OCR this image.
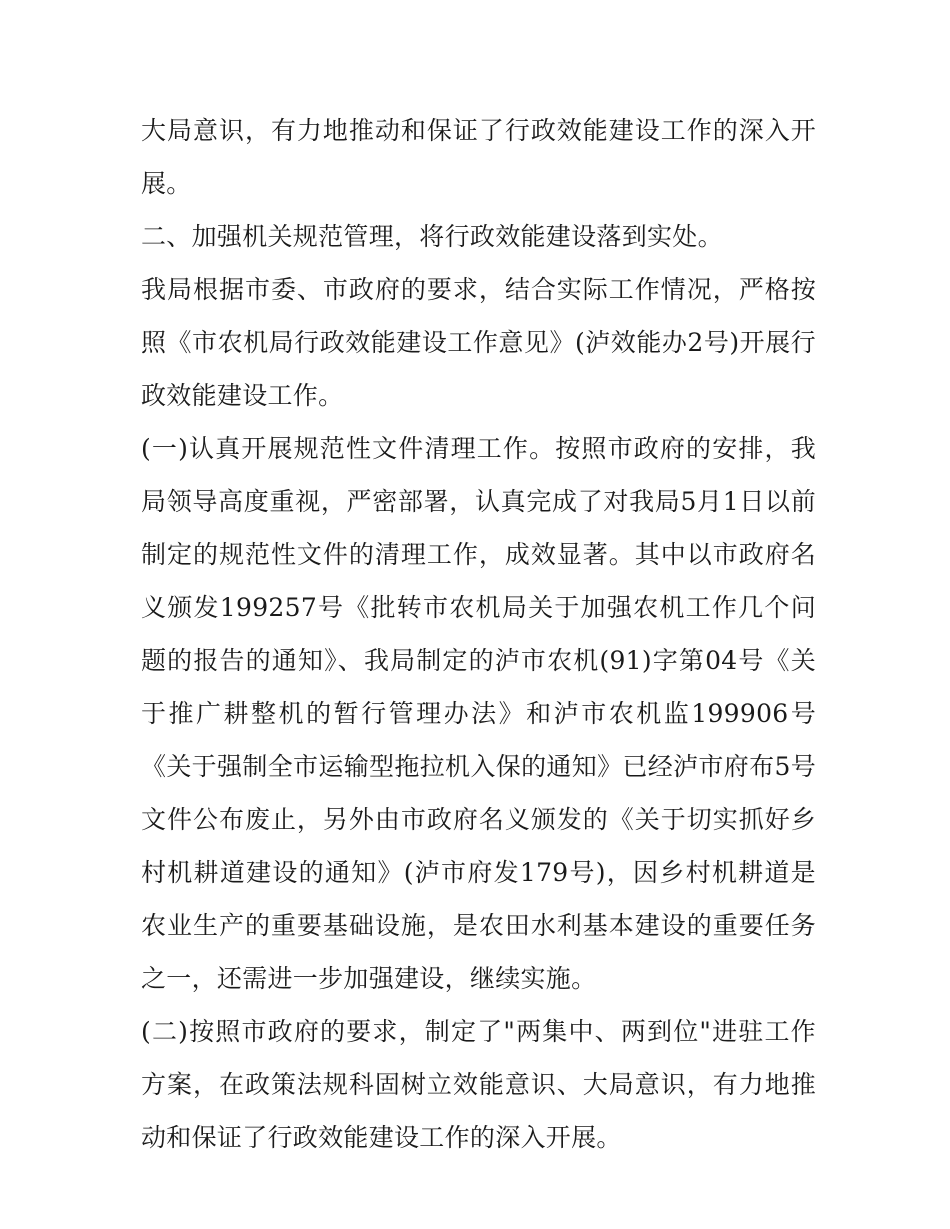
大局意识，有力地推动和保证了行政效能建设工作的深入开展。

二、加强机关规范管理，将行政效能建设落到实处。

我局根据市委、市政府的要求，结合实际工作情况，严格按照《市农机局行政效能建设工作意见》(泸效能办2号)开展行政效能建设工作。

(一)认真开展规范性文件清理工作。按照市政府的安排，我局领导高度重视，严密部署，认真完成了对我局5月1日以前制定的规范性文件的清理工作，成效显著。其中以市政府名义颁发199257号《批转市农机局关于加强农机工作几个问题的报告的通知》、我局制定的泸市农机(91)字第04号《关于推广耕整机的暂行管理办法》和泸市农机监199906号《关于强制全市运输型拖拉机入保的通知》已经泸市府布5号文件公布废止，另外由市政府名义颁发的《关于切实抓好乡村机耕道建设的通知》(泸市府发179号)，因乡村机耕道是农业生产的重要基础设施，是农田水利基本建设的重要任务之一，还需进一步加强建设，继续实施。

(二)按照市政府的要求，制定了"两集中、两到位"进驻工作方案，在政策法规科固树立效能意识、大局意识，有力地推动和保证了行政效能建设工作的深入开展。
